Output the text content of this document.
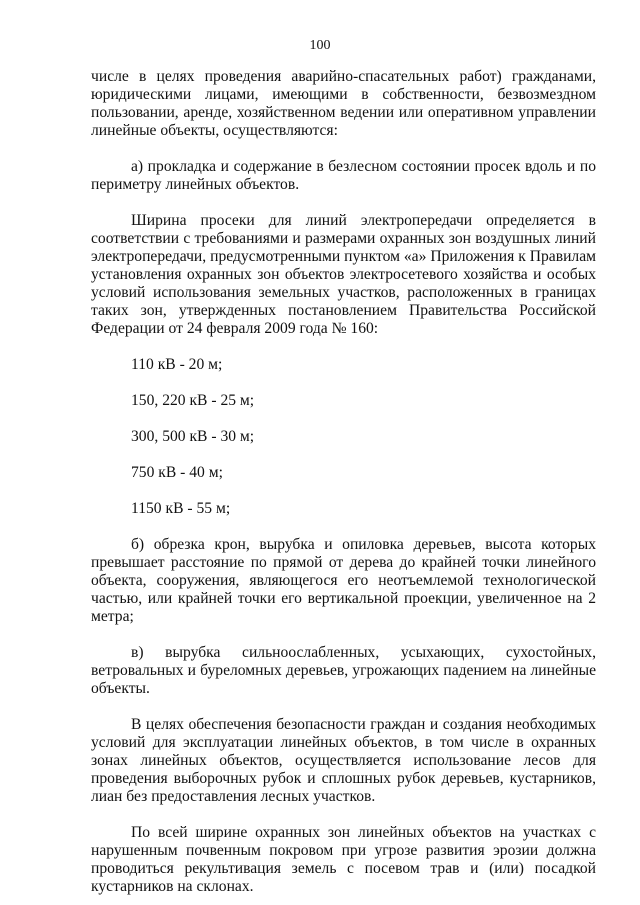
100

числе в целях проведения аварийно-спасательных работ) гражданами, юридическими лицами, имеющими в собственности, безвозмездном пользовании, аренде, хозяйственном ведении или оперативном управлении линейные объекты, осуществляются:

а) прокладка и содержание в безлесном состоянии просек вдоль и по периметру линейных объектов.

Ширина просеки для линий электропередачи определяется в соответствии с требованиями и размерами охранных зон воздушных линий электропередачи, предусмотренными пунктом «а» Приложения к Правилам установления охранных зон объектов электросетевого хозяйства и особых условий использования земельных участков, расположенных в границах таких зон, утвержденных постановлением Правительства Российской Федерации от 24 февраля 2009 года № 160:

110 кВ - 20 м;
150, 220 кВ - 25 м;
300, 500 кВ - 30 м;
750 кВ - 40 м;
1150 кВ - 55 м;

б) обрезка крон, вырубка и опиловка деревьев, высота которых превышает расстояние по прямой от дерева до крайней точки линейного объекта, сооружения, являющегося его неотъемлемой технологической частью, или крайней точки его вертикальной проекции, увеличенное на 2 метра;

в) вырубка сильноослабленных, усыхающих, сухостойных, ветровальных и буреломных деревьев, угрожающих падением на линейные объекты.

В целях обеспечения безопасности граждан и создания необходимых условий для эксплуатации линейных объектов, в том числе в охранных зонах линейных объектов, осуществляется использование лесов для проведения выборочных рубок и сплошных рубок деревьев, кустарников, лиан без предоставления лесных участков.

По всей ширине охранных зон линейных объектов на участках с нарушенным почвенным покровом при угрозе развития эрозии должна проводиться рекультивация земель с посевом трав и (или) посадкой кустарников на склонах.
